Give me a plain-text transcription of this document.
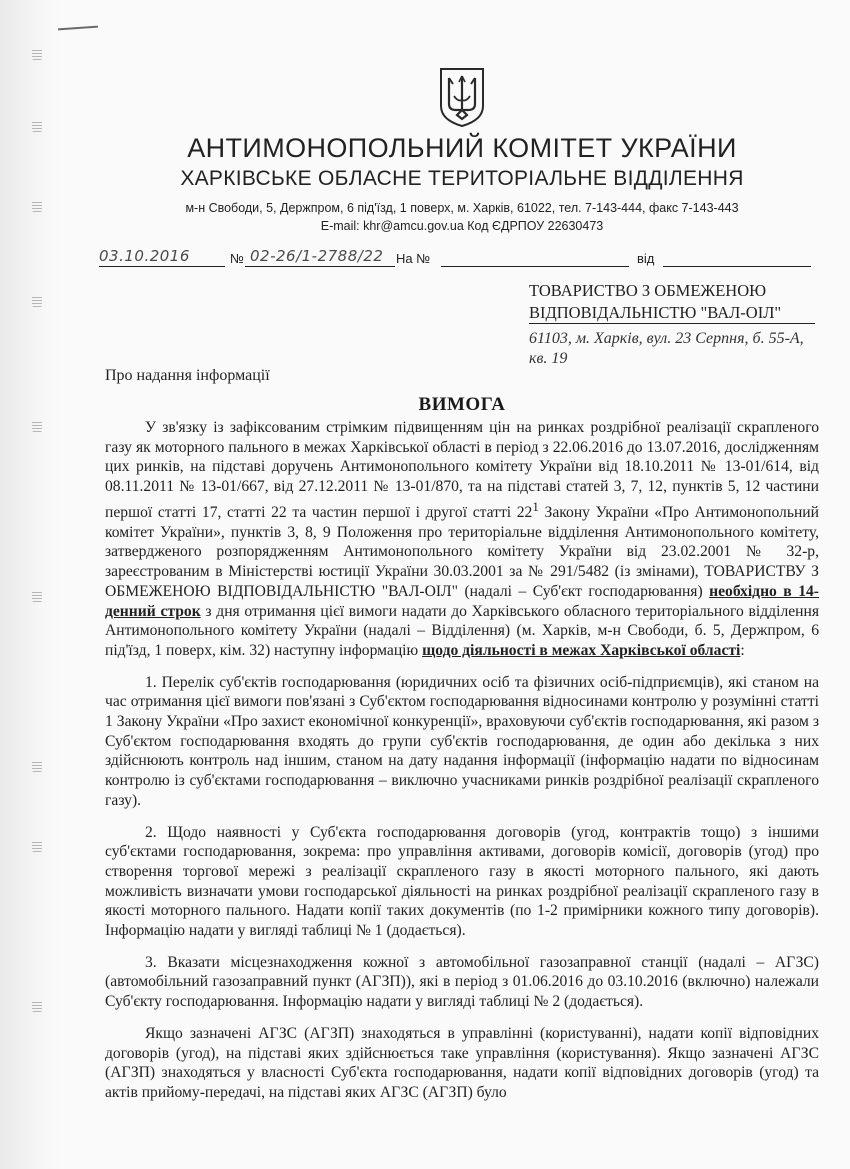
АНТИМОНОПОЛЬНИЙ КОМІТЕТ УКРАЇНИ
ХАРКІВСЬКЕ ОБЛАСНЕ ТЕРИТОРІАЛЬНЕ ВІДДІЛЕННЯ
м-н Свободи, 5, Держпром, 6 під'їзд, 1 поверх, м. Харків, 61022, тел. 7-143-444, факс 7-143-443
E-mail: khr@amcu.gov.ua Код ЄДРПОУ 22630473
03.10.2016	№ 02-26/1-2788/22 На №	від
ТОВАРИСТВО З ОБМЕЖЕНОЮ
ВІДПОВІДАЛЬНІСТЮ "ВАЛ-ОІЛ"
61103, м. Харків, вул. 23 Серпня, б. 55-А, кв. 19
Про надання інформації
ВИМОГА

У зв'язку із зафіксованим стрімким підвищенням цін на ринках роздрібної реалізації скрапленого газу як моторного пального в межах Харківської області в період з 22.06.2016 до 13.07.2016, дослідженням цих ринків, на підставі доручень Антимонопольного комітету України від 18.10.2011 № 13-01/614, від 08.11.2011 № 13-01/667, від 27.12.2011 № 13-01/870, та на підставі статей 3, 7, 12, пунктів 5, 12 частини першої статті 17, статті 22 та частин першої і другої статті $22^1$ Закону України «Про Антимонопольний комітет України», пунктів 3, 8, 9 Положення про територіальне відділення Антимонопольного комітету, затвердженого розпорядженням Антимонопольного комітету України від 23.02.2001 № 32-р, зареєстрованим в Міністерстві юстиції України 30.03.2001 за № 291/5482 (із змінами), ТОВАРИСТВУ З ОБМЕЖЕНОЮ ВІДПОВІДАЛЬНІСТЮ "ВАЛ-ОІЛ" (надалі – Суб'єкт господарювання) необхідно в 14-денний строк з дня отримання цієї вимоги надати до Харківського обласного територіального відділення Антимонопольного комітету України (надалі – Відділення) (м. Харків, м-н Свободи, б. 5, Держпром, 6 під'їзд, 1 поверх, кім. 32) наступну інформацію щодо діяльності в межах Харківської області:

1. Перелік суб'єктів господарювання (юридичних осіб та фізичних осіб-підприємців), які станом на час отримання цієї вимоги пов'язані з Суб'єктом господарювання відносинами контролю у розумінні статті 1 Закону України «Про захист економічної конкуренції», враховуючи суб'єктів господарювання, які разом з Суб'єктом господарювання входять до групи суб'єктів господарювання, де один або декілька з них здійснюють контроль над іншим, станом на дату надання інформації (інформацію надати по відносинам контролю із суб'єктами господарювання – виключно учасниками ринків роздрібної реалізації скрапленого газу).

2. Щодо наявності у Суб'єкта господарювання договорів (угод, контрактів тощо) з іншими суб'єктами господарювання, зокрема: про управління активами, договорів комісії, договорів (угод) про створення торгової мережі з реалізації скрапленого газу в якості моторного пального, які дають можливість визначати умови господарської діяльності на ринках роздрібної реалізації скрапленого газу в якості моторного пального. Надати копії таких документів (по 1-2 примірники кожного типу договорів). Інформацію надати у вигляді таблиці № 1 (додається).

3. Вказати місцезнаходження кожної з автомобільної газозаправної станції (надалі – АГЗС) (автомобільний газозаправний пункт (АГЗП)), які в період з 01.06.2016 до 03.10.2016 (включно) належали Суб'єкту господарювання. Інформацію надати у вигляді таблиці № 2 (додається).

Якщо зазначені АГЗС (АГЗП) знаходяться в управлінні (користуванні), надати копії відповідних договорів (угод), на підставі яких здійснюється таке управління (користування). Якщо зазначені АГЗС (АГЗП) знаходяться у власності Суб'єкта господарювання, надати копії відповідних договорів (угод) та актів прийому-передачі, на підставі яких АГЗС (АГЗП) було
